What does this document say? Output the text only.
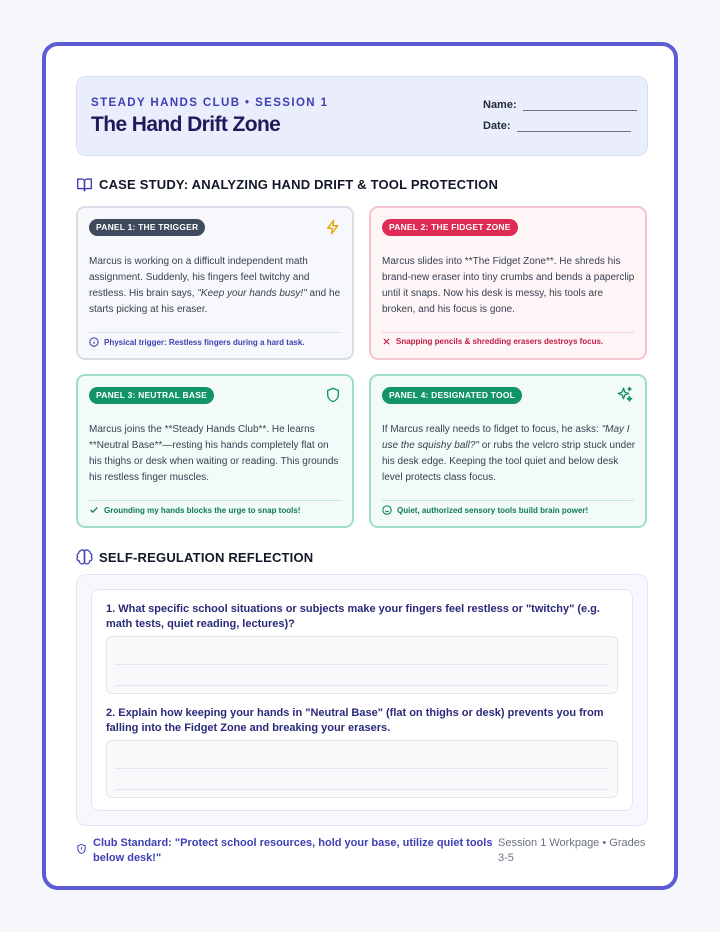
STEADY HANDS CLUB • SESSION 1
The Hand Drift Zone
Name:
Date:
CASE STUDY: ANALYZING HAND DRIFT & TOOL PROTECTION
PANEL 1: THE TRIGGER
Marcus is working on a difficult independent math assignment. Suddenly, his fingers feel twitchy and restless. His brain says, "Keep your hands busy!" and he starts picking at his eraser.
Physical trigger: Restless fingers during a hard task.
PANEL 2: THE FIDGET ZONE
Marcus slides into **The Fidget Zone**. He shreds his brand-new eraser into tiny crumbs and bends a paperclip until it snaps. Now his desk is messy, his tools are broken, and his focus is gone.
Snapping pencils & shredding erasers destroys focus.
PANEL 3: NEUTRAL BASE
Marcus joins the **Steady Hands Club**. He learns **Neutral Base**—resting his hands completely flat on his thighs or desk when waiting or reading. This grounds his restless finger muscles.
Grounding my hands blocks the urge to snap tools!
PANEL 4: DESIGNATED TOOL
If Marcus really needs to fidget to focus, he asks: "May I use the squishy ball?" or rubs the velcro strip stuck under his desk edge. Keeping the tool quiet and below desk level protects class focus.
Quiet, authorized sensory tools build brain power!
SELF-REGULATION REFLECTION
1. What specific school situations or subjects make your fingers feel restless or "twitchy" (e.g. math tests, quiet reading, lectures)?
2. Explain how keeping your hands in "Neutral Base" (flat on thighs or desk) prevents you from falling into the Fidget Zone and breaking your erasers.
Club Standard: "Protect school resources, hold your base, utilize quiet tools below desk!"
Session 1 Workpage • Grades 3-5
